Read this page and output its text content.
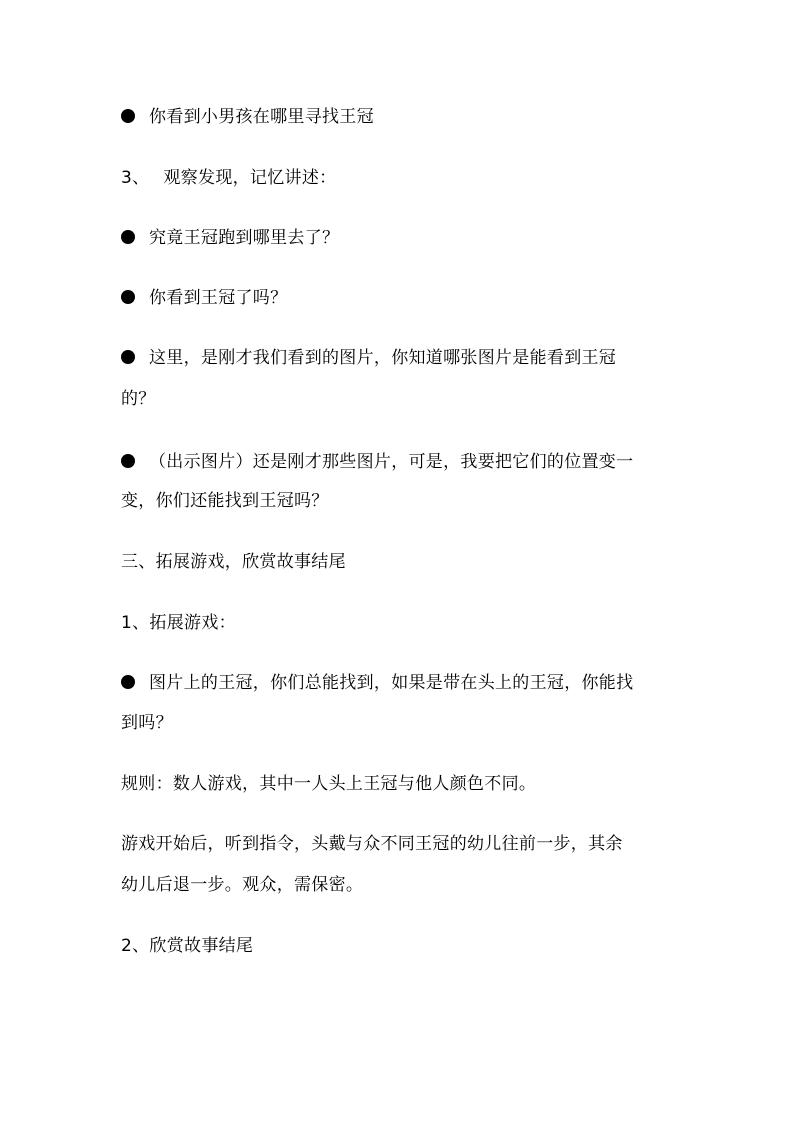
你看到小男孩在哪里寻找王冠
3、 观察发现，记忆讲述：
究竟王冠跑到哪里去了？
你看到王冠了吗？
这里，是刚才我们看到的图片，你知道哪张图片是能看到王冠
的？
（出示图片）还是刚才那些图片，可是，我要把它们的位置变一
变，你们还能找到王冠吗？
三、拓展游戏，欣赏故事结尾
1、拓展游戏：
图片上的王冠，你们总能找到，如果是带在头上的王冠，你能找
到吗？
规则：数人游戏，其中一人头上王冠与他人颜色不同。
游戏开始后，听到指令，头戴与众不同王冠的幼儿往前一步，其余
幼儿后退一步。观众，需保密。
2、欣赏故事结尾
